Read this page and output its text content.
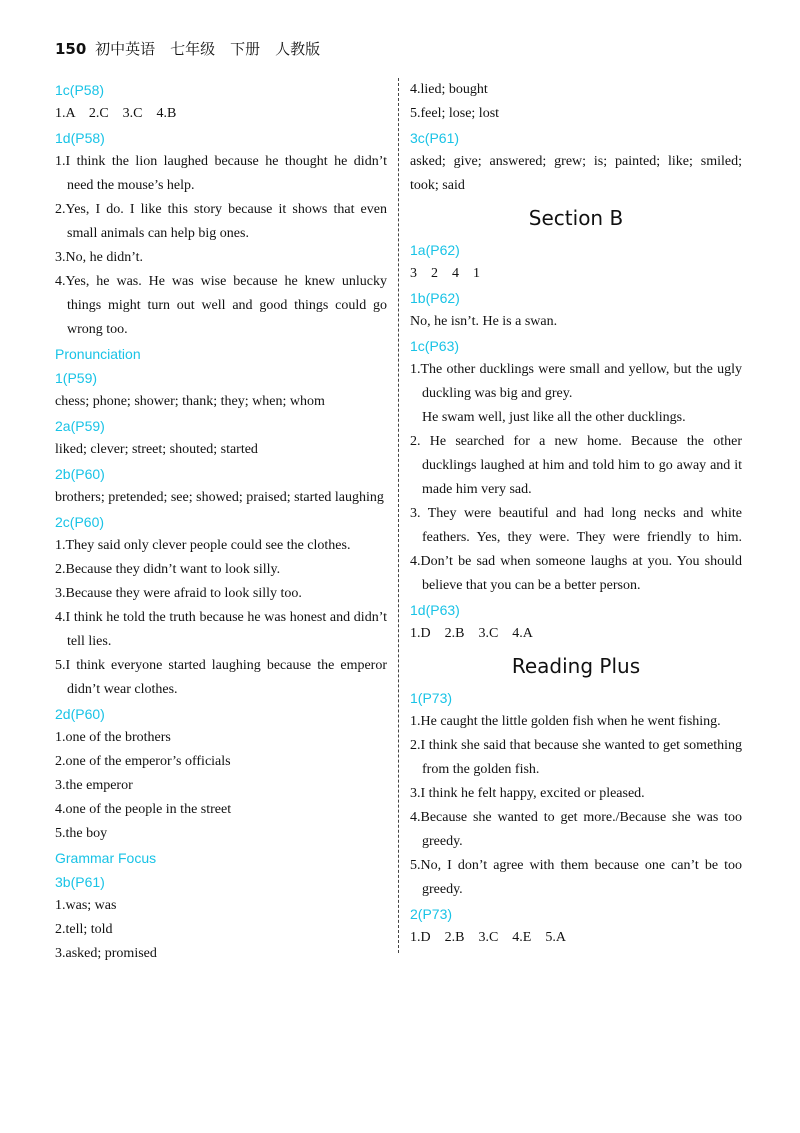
150 初中英语　七年级　下册　人教版
1c(P58)
1.A　2.C　3.C　4.B
1d(P58)
1.I think the lion laughed because he thought he didn’t
need the mouse’s help.
2.Yes, I do. I like this story because it shows that even
small animals can help big ones.
3.No, he didn’t.
4.Yes, he was. He was wise because he knew unlucky
things might turn out well and good things could go
wrong too.
Pronunciation
1(P59)
chess; phone; shower; thank; they; when; whom
2a(P59)
liked; clever; street; shouted; started
2b(P60)
brothers; pretended; see; showed; praised; started laughing
2c(P60)
1.They said only clever people could see the clothes.
2.Because they didn’t want to look silly.
3.Because they were afraid to look silly too.
4.I think he told the truth because he was honest and didn’t
tell lies.
5.I think everyone started laughing because the emperor
didn’t wear clothes.
2d(P60)
1.one of the brothers
2.one of the emperor’s officials
3.the emperor
4.one of the people in the street
5.the boy
Grammar Focus
3b(P61)
1.was; was
2.tell; told
3.asked; promised
4.lied; bought
5.feel; lose; lost
3c(P61)
asked; give; answered; grew; is; painted; like; smiled;
took; said
Section B
1a(P62)
3　2　4　1
1b(P62)
No, he isn’t. He is a swan.
1c(P63)
1.The other ducklings were small and yellow, but the ugly
duckling was big and grey.
He swam well, just like all the other ducklings.
2. He searched for a new home. Because the other
ducklings laughed at him and told him to go away and it
made him very sad.
3. They were beautiful and had long necks and white
feathers. Yes, they were. They were friendly to him.
4.Don’t be sad when someone laughs at you. You should
believe that you can be a better person.
1d(P63)
1.D　2.B　3.C　4.A
Reading Plus
1(P73)
1.He caught the little golden fish when he went fishing.
2.I think she said that because she wanted to get something
from the golden fish.
3.I think he felt happy, excited or pleased.
4.Because she wanted to get more./Because she was too
greedy.
5.No, I don’t agree with them because one can’t be too
greedy.
2(P73)
1.D　2.B　3.C　4.E　5.A
